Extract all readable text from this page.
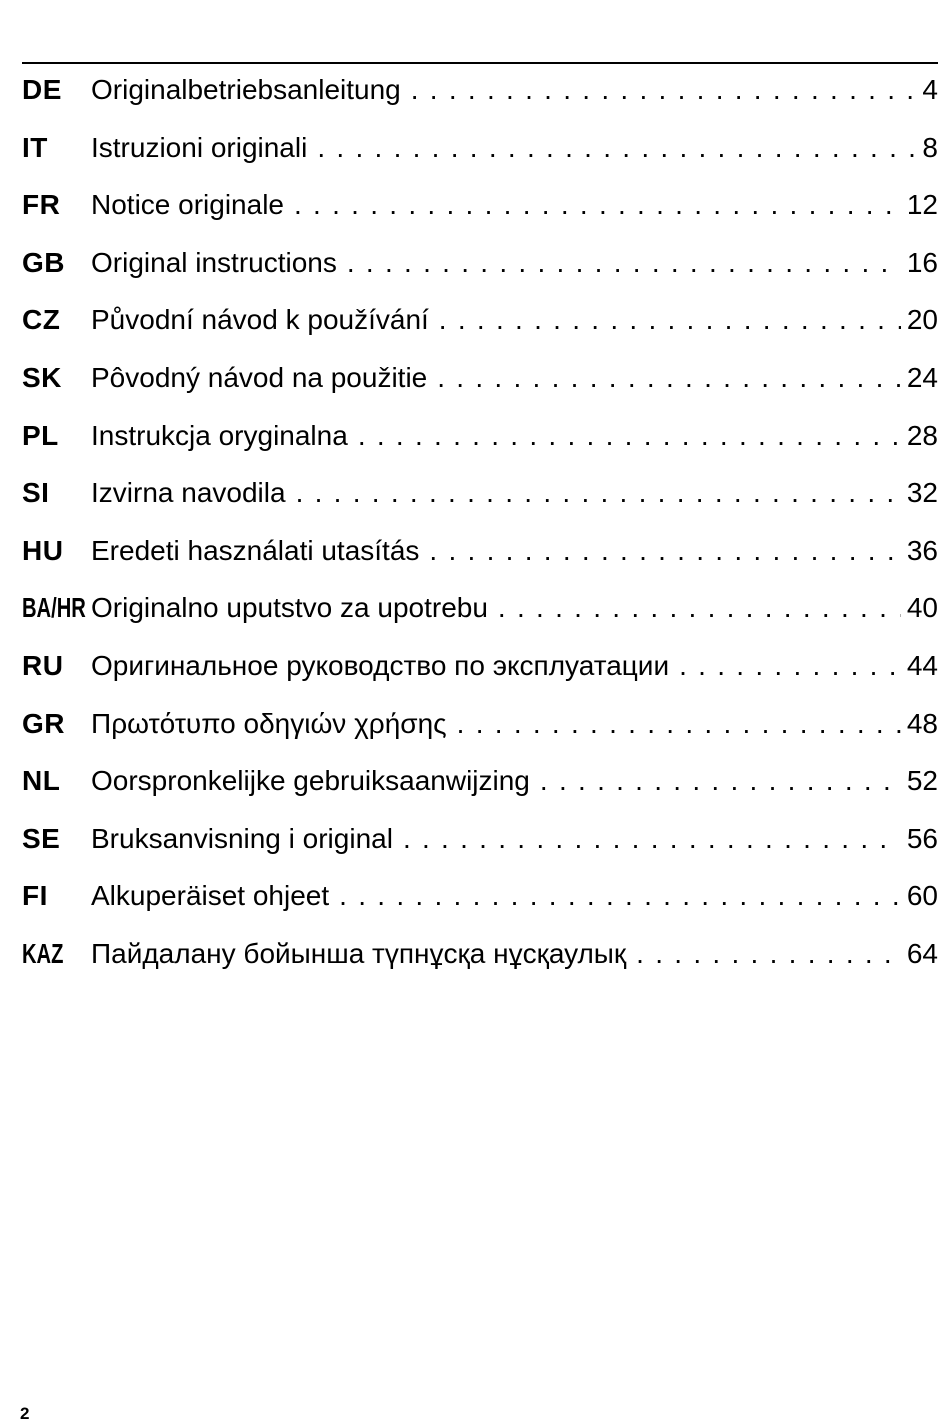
DE Originalbetriebsanleitung . . .	4
IT Istruzioni originali . . .	8
FR Notice originale . . .	12
GB Original instructions . . .	16
CZ Původní návod k používání . . .	20
SK Pôvodný návod na použitie . . .	24
PL Instrukcja oryginalna . . .	28
SI Izvirna navodila . . .	32
HU Eredeti használati utasítás . . .	36
BA/HR Originalno uputstvo za upotrebu . . .	40
RU Оригинальное руководство по эксплуатации . . .	44
GR Πρωτότυπο οδηγιών χρήσης . . .	48
NL Oorspronkelijke gebruiksaanwijzing . . .	52
SE Bruksanvisning i original . . .	56
FI Alkuperäiset ohjeet . . .	60
KAZ Пайдалану бойынша түпнұсқа нұсқаулық . . .	64
2
